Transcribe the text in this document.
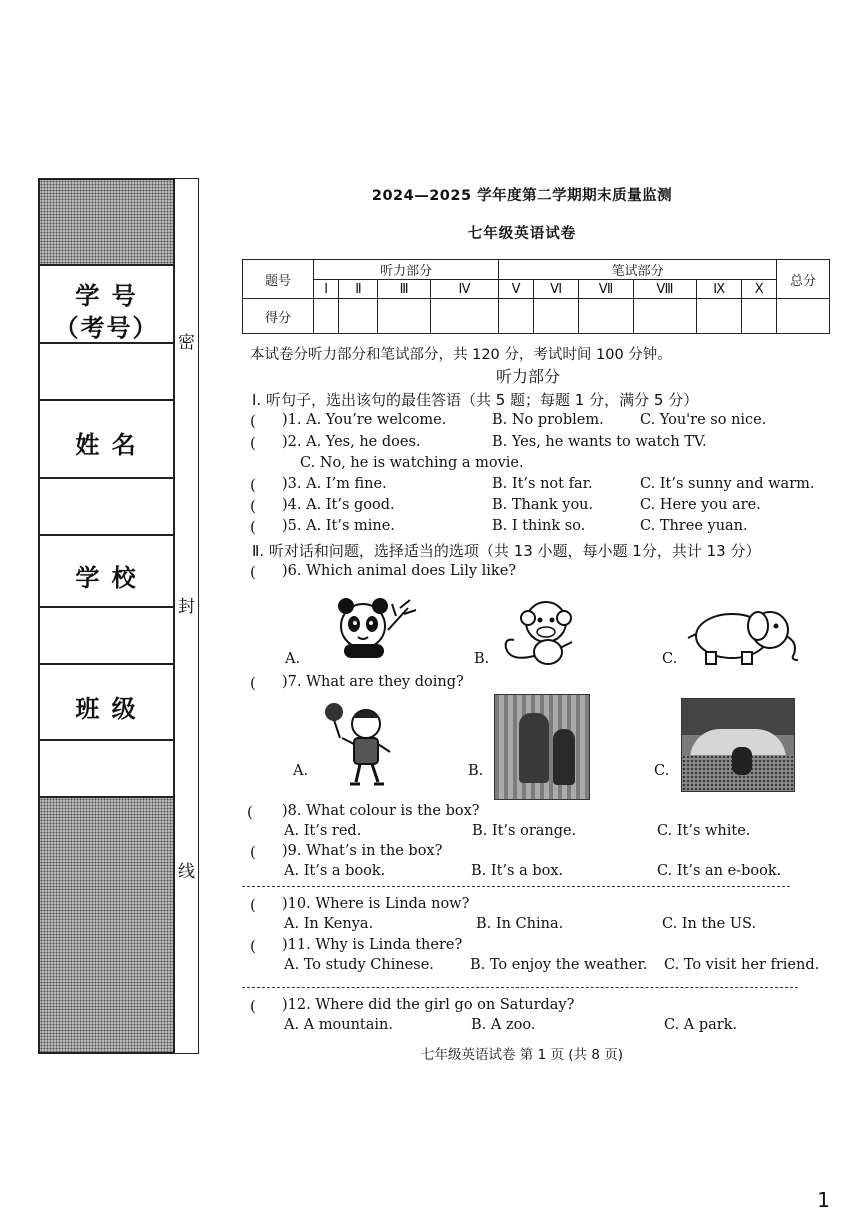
学 号
（考号）
姓 名
学 校
班 级
密
封
线
2024—2025 学年度第二学期期末质量监测
七年级英语试卷
题号	听力部分				笔试部分						总分
	Ⅰ	Ⅱ	Ⅲ	Ⅳ	Ⅴ	Ⅵ	Ⅶ	Ⅷ	Ⅸ	Ⅹ	
得分											
本试卷分听力部分和笔试部分，共 120 分，考试时间 100 分钟。
听力部分
Ⅰ. 听句子，选出该句的最佳答语（共 5 题；每题 1 分，满分 5 分）
( )1. A. You’re welcome.	B. No problem.	C. You're so nice.
( )2. A. Yes, he does.	B. Yes, he wants to watch TV.
C. No, he is watching a movie.
( )3. A. I’m fine.	B. It’s not far.	C. It’s sunny and warm.
( )4. A. It’s good.	B. Thank you.	C. Here you are.
( )5. A. It’s mine.	B. I think so.	C. Three yuan.
Ⅱ. 听对话和问题，选择适当的选项（共 13 小题，每小题 1分，共计 13 分）
( )6. Which animal does Lily like?
A.	B.	C.
( )7. What are they doing?
A.	B.	C.
( )8. What colour is the box?
A. It’s red.	B. It’s orange.	C. It’s white.
( )9. What’s in the box?
A. It’s a book.	B. It’s a box.	C. It’s an e-book.
( )10. Where is Linda now?
A. In Kenya.	B. In China.	C. In the US.
( )11. Why is Linda there?
A. To study Chinese. B. To enjoy the weather. C. To visit her friend.
( )12. Where did the girl go on Saturday?
A. A mountain.	B. A zoo.	C. A park.
七年级英语试卷 第 1 页 (共 8 页)
1
